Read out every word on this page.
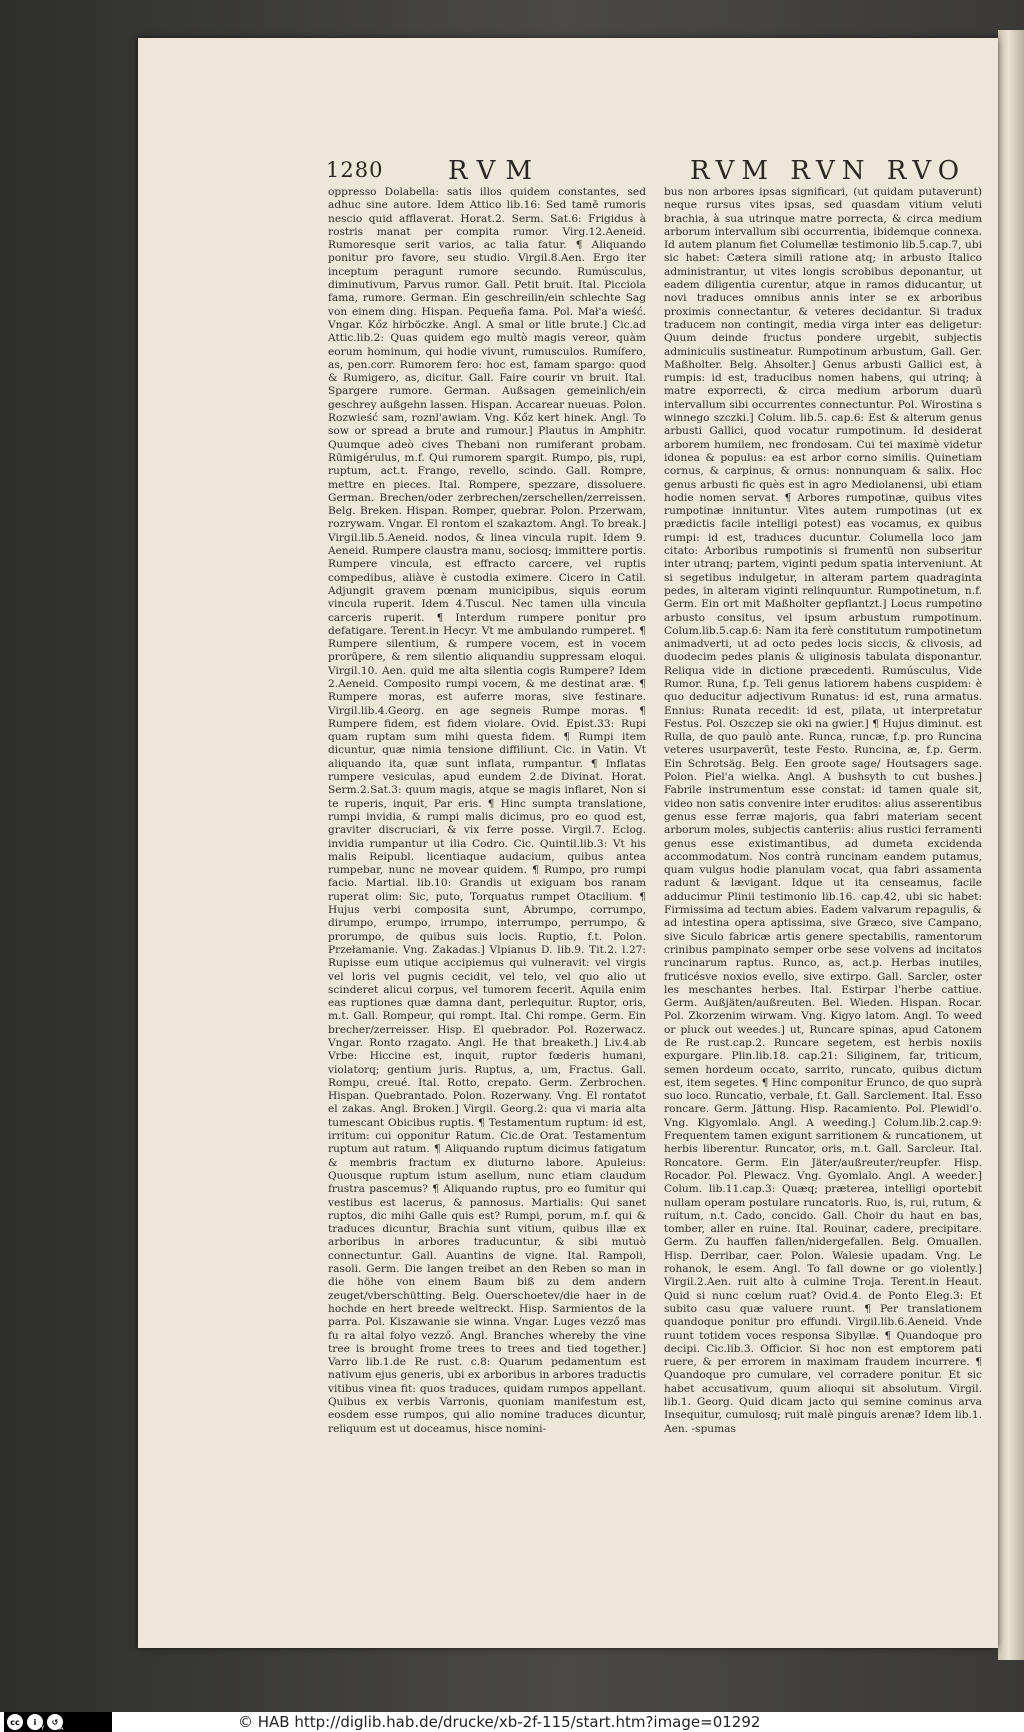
1280 RVM	RVM RVN RVO

oppresso Dolabella: satis illos quidem constantes, sed adhuc sine autore. Idem Attico lib.16: Sed tamē rumoris nescio quid afflaverat. Horat.2. Serm. Sat.6: Frigidus à rostris manat per compita rumor. Virg.12.Aeneid. Rumoresque serit varios, ac talia fatur. ¶ Aliquando ponitur pro favore, seu studio. Virgil.8.Aen. Ergo iter inceptum peragunt rumore secundo. Rumúsculus, diminutivum, Parvus rumor. Gall. Petit bruit. Ital. Picciola fama, rumore. German. Ein geschreilin/ein schlechte Sag von einem ding. Hispan. Pequeña fama. Pol. Mał'a wieść. Vngar. Kőz hirböczke. Angl. A smal or litle brute.] Cic.ad Attic.lib.2: Quas quidem ego multò magis vereor, quàm eorum hominum, qui hodie vivunt, rumusculos. Rumífero, as, pen.corr. Rumorem fero: hoc est, famam spargo: quod & Rumigero, as, dicitur. Gall. Faire courir vn bruit. Ital. Spargere rumore. German. Außsagen gemeinlich/ein geschrey außgehn lassen. Hispan. Accarear nueuas. Polon. Rozwieść sam, roznl'awiam. Vng. Kőz kert hinek. Angl. To sow or spread a brute and rumour.] Plautus in Amphitr. Quumque adeò cives Thebani non rumiferant probam. Rūmigérulus, m.f. Qui rumorem spargit. Rumpo, pis, rupi, ruptum, act.t. Frango, revello, scindo. Gall. Rompre, mettre en pieces. Ital. Rompere, spezzare, dissoluere. German. Brechen/oder zerbrechen/zerschellen/zerreissen. Belg. Breken. Hispan. Romper, quebrar. Polon. Przerwam, rozrywam. Vngar. El rontom el szakaztom. Angl. To break.] Virgil.lib.5.Aeneid. nodos, & linea vincula rupit. Idem 9. Aeneid. Rumpere claustra manu, sociosq; immittere portis. Rumpere vincula, est effracto carcere, vel ruptis compedibus, aliàve è custodia eximere. Cicero in Catil. Adjungit gravem pœnam municipibus, siquis eorum vincula ruperit. Idem 4.Tuscul. Nec tamen ulla vincula carceris ruperit. ¶ Interdum rumpere ponitur pro defatigare. Terent.in Hecyr. Vt me ambulando rumperet. ¶ Rumpere silentium, & rumpere vocem, est in vocem prorūpere, & rem silentio aliquandiu suppressam eloqui. Virgil.10. Aen. quid me alta silentia cogis Rumpere? Idem 2.Aeneid. Composito rumpi vocem, & me destinat aræ. ¶ Rumpere moras, est auferre moras, sive festinare. Virgil.lib.4.Georg. en age segneis Rumpe moras. ¶ Rumpere fidem, est fidem violare. Ovid. Epist.33: Rupi quam ruptam sum mihi questa fidem. ¶ Rumpi item dicuntur, quæ nimia tensione diffiliunt. Cic. in Vatin. Vt aliquando ita, quæ sunt inflata, rumpantur. ¶ Inflatas rumpere vesiculas, apud eundem 2.de Divinat. Horat. Serm.2.Sat.3: quum magis, atque se magis inflaret, Non si te ruperis, inquit, Par eris. ¶ Hinc sumpta translatione, rumpi invidia, & rumpi malis dicimus, pro eo quod est, graviter discruciari, & vix ferre posse. Virgil.7. Eclog. invidia rumpantur ut ilia Codro. Cic. Quintil.lib.3: Vt his malis Reipubl. licentiaque audacium, quibus antea rumpebar, nunc ne movear quidem. ¶ Rumpo, pro rumpi facio. Martial. lib.10: Grandis ut exiguam bos ranam ruperat olim: Sic, puto, Torquatus rumpet Otacilium. ¶ Hujus verbi composita sunt, Abrumpo, corrumpo, dirumpo, erumpo, irrumpo, interrumpo, perrumpo, & prorumpo, de quibus suis locis. Ruptio, f.t. Polon. Przełamanie. Vng. Zakadas.] Vlpianus D. lib.9. Tit.2. l.27: Rupisse eum utique accipiemus qui vulneravit: vel virgis vel loris vel pugnis cecidit, vel telo, vel quo alio ut scinderet alicui corpus, vel tumorem fecerit. Aquila enim eas ruptiones quæ damna dant, perlequitur. Ruptor, oris, m.t. Gall. Rompeur, qui rompt. Ital. Chi rompe. Germ. Ein brecher/zerreisser. Hisp. El quebrador. Pol. Rozerwacz. Vngar. Ronto rzagato. Angl. He that breaketh.] Liv.4.ab Vrbe: Hiccine est, inquit, ruptor fœderis humani, violatorq; gentium juris. Ruptus, a, um, Fractus. Gall. Rompu, creué. Ital. Rotto, crepato. Germ. Zerbrochen. Hispan. Quebrantado. Polon. Rozerwany. Vng. El rontatot el zakas. Angl. Broken.] Virgil. Georg.2: qua vi maria alta tumescant Obicibus ruptis. ¶ Testamentum ruptum: id est, irritum: cui opponitur Ratum. Cic.de Orat. Testamentum ruptum aut ratum. ¶ Aliquando ruptum dicimus fatigatum & membris fractum ex diuturno labore. Apuleius: Quousque ruptum istum asellum, nunc etiam claudum frustra pascemus? ¶ Aliquando ruptus, pro eo fumitur qui vestibus est lacerus, & pannosus. Martialis: Qui sanet ruptos, dic mihi Galle quis est? Rumpi, porum, m.f. qui & traduces dicuntur, Brachia sunt vitium, quibus illæ ex arboribus in arbores traducuntur, & sibi mutuò connectuntur. Gall. Auantins de vigne. Ital. Rampoli, rasoli. Germ. Die langen treibet an den Reben so man in die höhe von einem Baum biß zu dem andern zeuget/vberschütting. Belg. Ouerschoetev/die haer in de hochde en hert breede weltreckt. Hisp. Sarmientos de la parra. Pol. Kiszawanie sie winna. Vngar. Luges vezző mas fu ra altal folyo vezző. Angl. Branches whereby the vine tree is brought frome trees to trees and tied together.] Varro lib.1.de Re rust. c.8: Quarum pedamentum est nativum ejus generis, ubi ex arboribus in arbores traductis vitibus vinea fit: quos traduces, quidam rumpos appellant. Quibus ex verbis Varronis, quoniam manifestum est, eosdem esse rumpos, qui alio nomine traduces dicuntur, reliquum est ut doceamus, hisce nomini-

bus non arbores ipsas significari, (ut quidam putaverunt) neque rursus vites ipsas, sed quasdam vitium veluti brachia, à sua utrinque matre porrecta, & circa medium arborum intervallum sibi occurrentia, ibidemque connexa. Id autem planum fiet Columellæ testimonio lib.5.cap.7, ubi sic habet: Cætera simili ratione atq; in arbusto Italico administrantur, ut vites longis scrobibus deponantur, ut eadem diligentia curentur, atque in ramos diducantur, ut novi traduces omnibus annis inter se ex arboribus proximis connectantur, & veteres decidantur. Si tradux traducem non contingit, media virga inter eas deligetur: Quum deinde fructus pondere urgebit, subjectis adminiculis sustineatur. Rumpotinum arbustum, Gall. Ger. Maßholter. Belg. Ahsolter.] Genus arbusti Gallici est, à rumpis: id est, traducibus nomen habens, qui utrinq; à matre exporrecti, & circa medium arborum duarū intervallum sibi occurrentes connectuntur. Pol. Wirostina s winnego szczki.] Colum. lib.5. cap.6: Est & alterum genus arbusti Gallici, quod vocatur rumpotinum. Id desiderat arborem humilem, nec frondosam. Cui tei maximè videtur idonea & populus: ea est arbor corno similis. Quinetiam cornus, & carpinus, & ornus: nonnunquam & salix. Hoc genus arbusti fic quès est in agro Mediolanensi, ubi etiam hodie nomen servat. ¶ Arbores rumpotinæ, quibus vites rumpotinæ innituntur. Vites autem rumpotinas (ut ex prædictis facile intelligi potest) eas vocamus, ex quibus rumpi: id est, traduces ducuntur. Columella loco jam citato: Arboribus rumpotinis si frumentū non subseritur inter utranq; partem, viginti pedum spatia interveniunt. At si segetibus indulgetur, in alteram partem quadraginta pedes, in alteram viginti relinquuntur. Rumpotinetum, n.f. Germ. Ein ort mit Maßholter gepflantzt.] Locus rumpotino arbusto consitus, vel ipsum arbustum rumpotinum. Colum.lib.5.cap.6: Nam ita ferè constitutum rumpotinetum animadverti, ut ad octo pedes locis siccis, & clivosis, ad duodecim pedes planis & uliginosis tabulata disponantur. Reliqua vide in dictione præcedenti. Rumúsculus, Vide Rumor. Runa, f.p. Teli genus latiorem habens cuspidem: è quo deducitur adjectivum Runatus: id est, runa armatus. Ennius: Runata recedit: id est, pilata, ut interpretatur Festus. Pol. Oszczep sie oki na gwier.] ¶ Hujus diminut. est Rulla, de quo paulò ante. Runca, runcæ, f.p. pro Runcina veteres usurpaverūt, teste Festo. Runcina, æ, f.p. Germ. Ein Schrotsäg. Belg. Een groote sage/ Houtsagers sage. Polon. Piel'a wielka. Angl. A bushsyth to cut bushes.] Fabrile instrumentum esse constat: id tamen quale sit, video non satis convenire inter eruditos: alius asserentibus genus esse ferræ majoris, qua fabri materiam secent arborum moles, subjectis canteriis: alius rustici ferramenti genus esse existimantibus, ad dumeta excidenda accommodatum. Nos contrà runcinam eandem putamus, quam vulgus hodie planulam vocat, qua fabri assamenta radunt & lævigant. Idque ut ita censeamus, facile adducimur Plinii testimonio lib.16. cap.42, ubi sic habet: Firmissima ad tectum abies. Eadem valvarum repagulis, & ad intestina opera aptissima, sive Græco, sive Campano, sive Siculo fabricæ artis genere spectabilis, ramentorum crinibus pampinato semper orbe sese volvens ad incitatos runcinarum raptus. Runco, as, act.p. Herbas inutiles, fruticésve noxios evello, sive extirpo. Gall. Sarcler, oster les meschantes herbes. Ital. Estirpar l'herbe cattiue. Germ. Außjäten/außreuten. Bel. Wieden. Hispan. Rocar. Pol. Zkorzenim wirwam. Vng. Kigyo latom. Angl. To weed or pluck out weedes.] ut, Runcare spinas, apud Catonem de Re rust.cap.2. Runcare segetem, est herbis noxiis expurgare. Plin.lib.18. cap.21: Siliginem, far, triticum, semen hordeum occato, sarrito, runcato, quibus dictum est, item segetes. ¶ Hinc componitur Erunco, de quo suprà suo loco. Runcatio, verbale, f.t. Gall. Sarclement. Ital. Esso roncare. Germ. Jättung. Hisp. Racamiento. Pol. Plewidl'o. Vng. Kigyomlalo. Angl. A weeding.] Colum.lib.2.cap.9: Frequentem tamen exigunt sarritionem & runcationem, ut herbis liberentur. Runcator, oris, m.t. Gall. Sarcleur. Ital. Roncatore. Germ. Ein Jäter/außreuter/reupfer. Hisp. Rocador. Pol. Plewacz. Vng. Gyomlalo. Angl. A weeder.] Colum. lib.11.cap.3: Quæq; præterea, intelligi oportebit nullam operam postulare runcatoris. Ruo, is, rui, rutum, & ruitum, n.t. Cado, concido. Gall. Choir du haut en bas, tomber, aller en ruine. Ital. Rouinar, cadere, precipitare. Germ. Zu hauffen fallen/nidergefallen. Belg. Omuallen. Hisp. Derribar, caer. Polon. Walesie upadam. Vng. Le rohanok, le esem. Angl. To fall downe or go violently.] Virgil.2.Aen. ruit alto à culmine Troja. Terent.in Heaut. Quid si nunc cœlum ruat? Ovid.4. de Ponto Eleg.3: Et subito casu quæ valuere ruunt. ¶ Per translationem quandoque ponitur pro effundi. Virgil.lib.6.Aeneid. Vnde ruunt totidem voces responsa Sibyllæ. ¶ Quandoque pro decipi. Cic.lib.3. Officior. Si hoc non est emptorem pati ruere, & per errorem in maximam fraudem incurrere. ¶ Quandoque pro cumulare, vel corradere ponitur. Et sic habet accusativum, quum alioqui sit absolutum. Virgil. lib.1. Georg. Quid dicam jacto qui semine cominus arva Insequitur, cumulosq; ruit malè pinguis arenæ? Idem lib.1. Aen. -spumas

cc	i	↺
BY SA	© HAB http://diglib.hab.de/drucke/xb-2f-115/start.htm?image=01292
